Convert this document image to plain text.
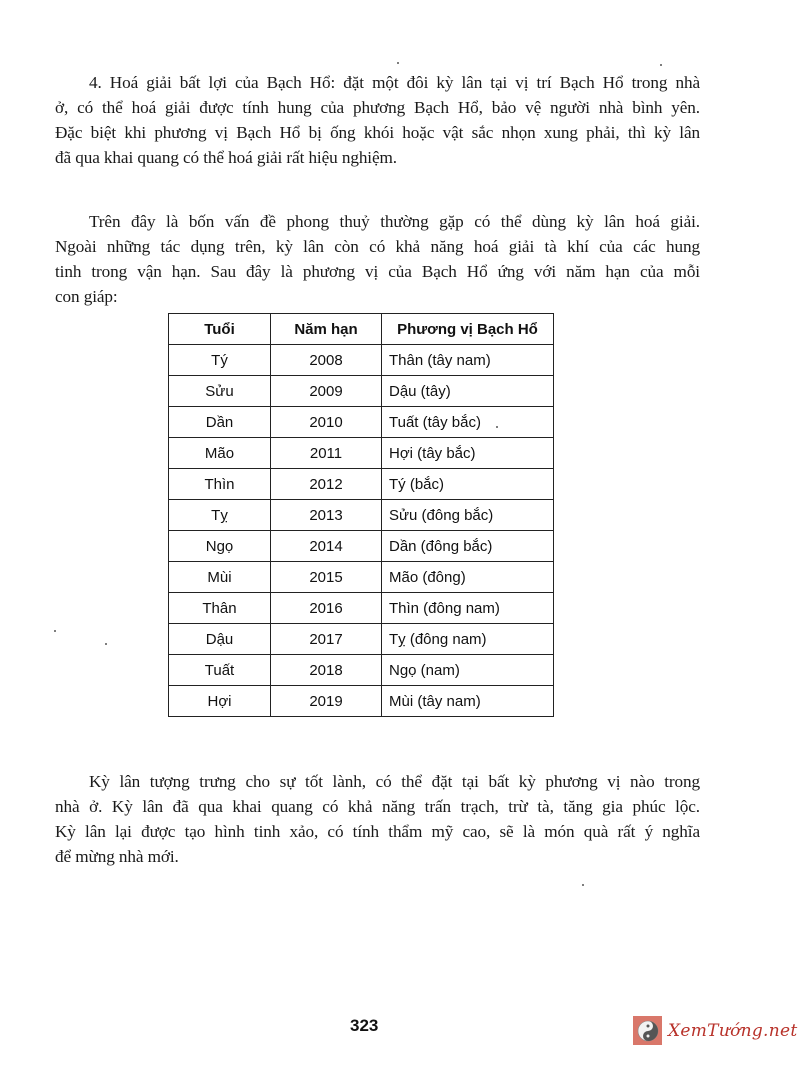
4. Hoá giải bất lợi của Bạch Hổ: đặt một đôi kỳ lân tại vị trí Bạch Hổ trong nhà
ở, có thể hoá giải được tính hung của phương Bạch Hổ, bảo vệ người nhà bình yên.
Đặc biệt khi phương vị Bạch Hổ bị ống khói hoặc vật sắc nhọn xung phải, thì kỳ lân
đã qua khai quang có thể hoá giải rất hiệu nghiệm.
Trên đây là bốn vấn đề phong thuỷ thường gặp có thể dùng kỳ lân hoá giải.
Ngoài những tác dụng trên, kỳ lân còn có khả năng hoá giải tà khí của các hung
tinh trong vận hạn. Sau đây là phương vị của Bạch Hổ ứng với năm hạn của mỗi
con giáp:
Tuổi	Năm hạn	Phương vị Bạch Hổ
Tý	2008	Thân (tây nam)
Sửu	2009	Dậu (tây)
Dần	2010	Tuất (tây bắc)
Mão	2011	Hợi (tây bắc)
Thìn	2012	Tý (bắc)
Tỵ	2013	Sửu (đông bắc)
Ngọ	2014	Dần (đông bắc)
Mùi	2015	Mão (đông)
Thân	2016	Thìn (đông nam)
Dậu	2017	Tỵ (đông nam)
Tuất	2018	Ngọ (nam)
Hợi	2019	Mùi (tây nam)
Kỳ lân tượng trưng cho sự tốt lành, có thể đặt tại bất kỳ phương vị nào trong
nhà ở. Kỳ lân đã qua khai quang có khả năng trấn trạch, trừ tà, tăng gia phúc lộc.
Kỳ lân lại được tạo hình tinh xảo, có tính thẩm mỹ cao, sẽ là món quà rất ý nghĩa
để mừng nhà mới.
323	XemTướng.net
